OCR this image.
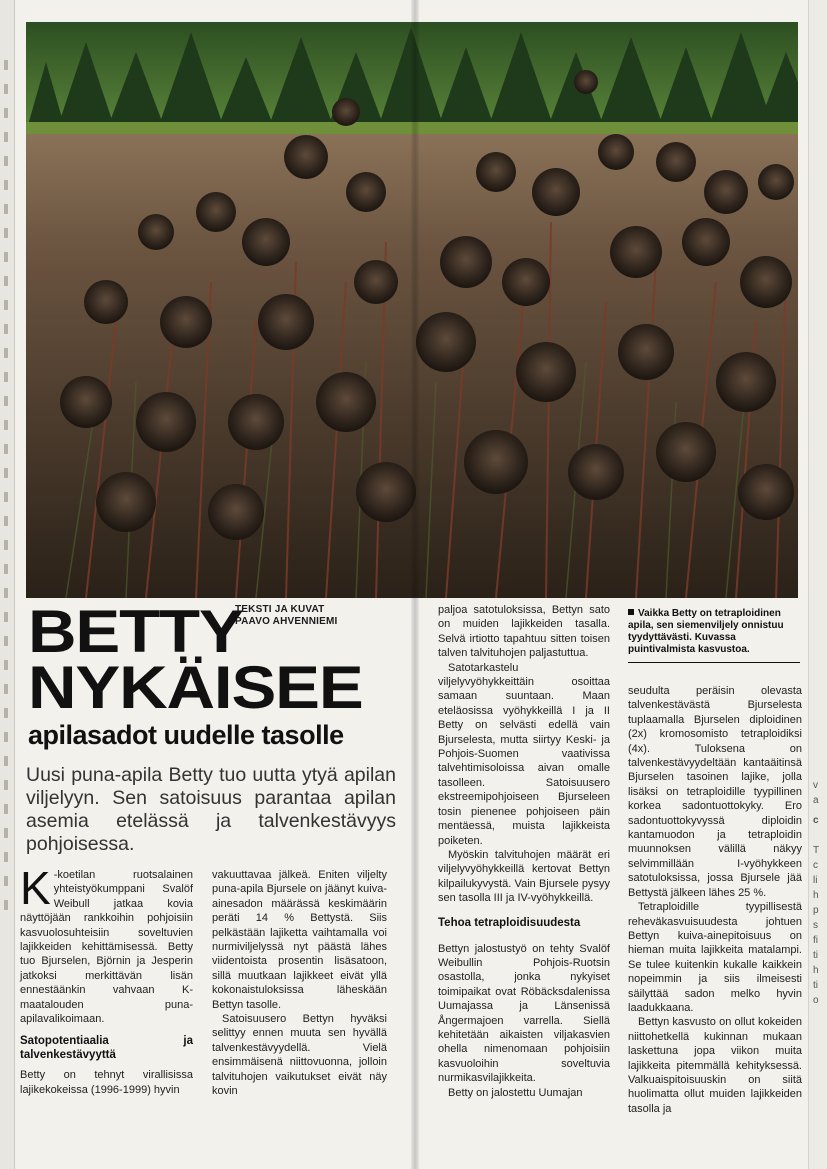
v
a
c
T
c
li
h
p
s
fi
ti
h
ti
o
TEKSTI JA KUVAT
PAAVO AHVENNIEMI
BETTY
NYKÄISEE
apilasadot uudelle tasolle
Uusi puna-apila Betty tuo uutta ytyä apilan viljelyyn. Sen satoisuus parantaa apilan asemia etelässä ja talvenkestävyys pohjoisessa.

K -koetilan ruotsalainen yhteistyökumppani Svalöf Weibull jatkaa kovia näyttöjään rankkoihin pohjoisiin kasvuolosuhteisiin soveltuvien lajikkeiden kehittämisessä. Betty tuo Bjurselen, Björnin ja Jesperin jatkoksi merkittävän lisän ennestäänkin vahvaan K-maatalouden puna-apilavalikoimaan.

Satopotentiaalia ja talvenkestävyyttä

Betty on tehnyt virallisissa lajikekokeissa (1996-1999) hyvin

vakuuttavaa jälkeä. Eniten viljelty puna-apila Bjursele on jäänyt kuiva-ainesadon määrässä keskimäärin peräti 14 % Bettystä. Siis pelkästään lajiketta vaihtamalla voi nurmiviljelyssä nyt päästä lähes viidentoista prosentin lisäsatoon, sillä muutkaan lajikkeet eivät yllä kokonaistuloksissa läheskään Bettyn tasolle.

Satoisuusero Bettyn hyväksi selittyy ennen muuta sen hyvällä talvenkestävyydellä. Vielä ensimmäisenä niittovuonna, jolloin talvituhojen vaikutukset eivät näy kovin

paljoa satotuloksissa, Bettyn sato on muiden lajikkeiden tasalla. Selvä irtiotto tapahtuu sitten toisen talven talvituhojen paljastuttua.

Satotarkastelu viljelyvyöhykkeittäin osoittaa samaan suuntaan. Maan eteläosissa vyöhykkeillä I ja II Betty on selvästi edellä vain Bjurselesta, mutta siirtyy Keski- ja Pohjois-Suomen vaativissa talvehtimisoloissa aivan omalle tasolleen. Satoisuusero ekstreemipohjoiseen Bjurseleen tosin pienenee pohjoiseen päin mentäessä, muista lajikkeista poiketen.

Myöskin talvituhojen määrät eri viljelyvyöhykkeillä kertovat Bettyn kilpailukyvystä. Vain Bjursele pysyy sen tasolla III ja IV-vyöhykkeillä.

Tehoa tetraploidisuudesta

Bettyn jalostustyö on tehty Svalöf Weibullin Pohjois-Ruotsin osastolla, jonka nykyiset toimipaikat ovat Röbäcksdalenissa Uumajassa ja Länsenissä Ångermajoen varrella. Siellä kehitetään aikaisten viljakasvien ohella nimenomaan pohjoisiin kasvuoloihin soveltuvia nurmikasvilajikkeita.

Betty on jalostettu Uumajan

Vaikka Betty on tetraploidinen apila, sen siemenviljely onnistuu tyydyttävästi. Kuvassa puintivalmista kasvustoa.

seudulta peräisin olevasta talvenkestävästä Bjurselesta tuplaamalla Bjurselen diploidinen (2x) kromosomisto tetraploidiksi (4x). Tuloksena on talvenkestävyydeltään kantaäitinsä Bjurselen tasoinen lajike, jolla lisäksi on tetraploidille tyypillinen korkea sadontuottokyky. Ero sadontuottokyvyssä diploidin kantamuodon ja tetraploidin muunnoksen välillä näkyy selvimmillään I-vyöhykkeen satotuloksissa, jossa Bjursele jää Bettystä jälkeen lähes 25 %.

Tetraploidille tyypillisestä reheväkasvuisuudesta johtuen Bettyn kuiva-ainepitoisuus on hieman muita lajikkeita matalampi. Se tulee kuitenkin kukalle kaikkein nopeimmin ja siis ilmeisesti säilyttää sadon melko hyvin laadukkaana.

Bettyn kasvusto on ollut kokeiden niittohetkellä kukinnan mukaan laskettuna jopa viikon muita lajikkeita pitemmällä kehityksessä. Valkuaispitoisuuskin on siitä huolimatta ollut muiden lajikkeiden tasolla ja
